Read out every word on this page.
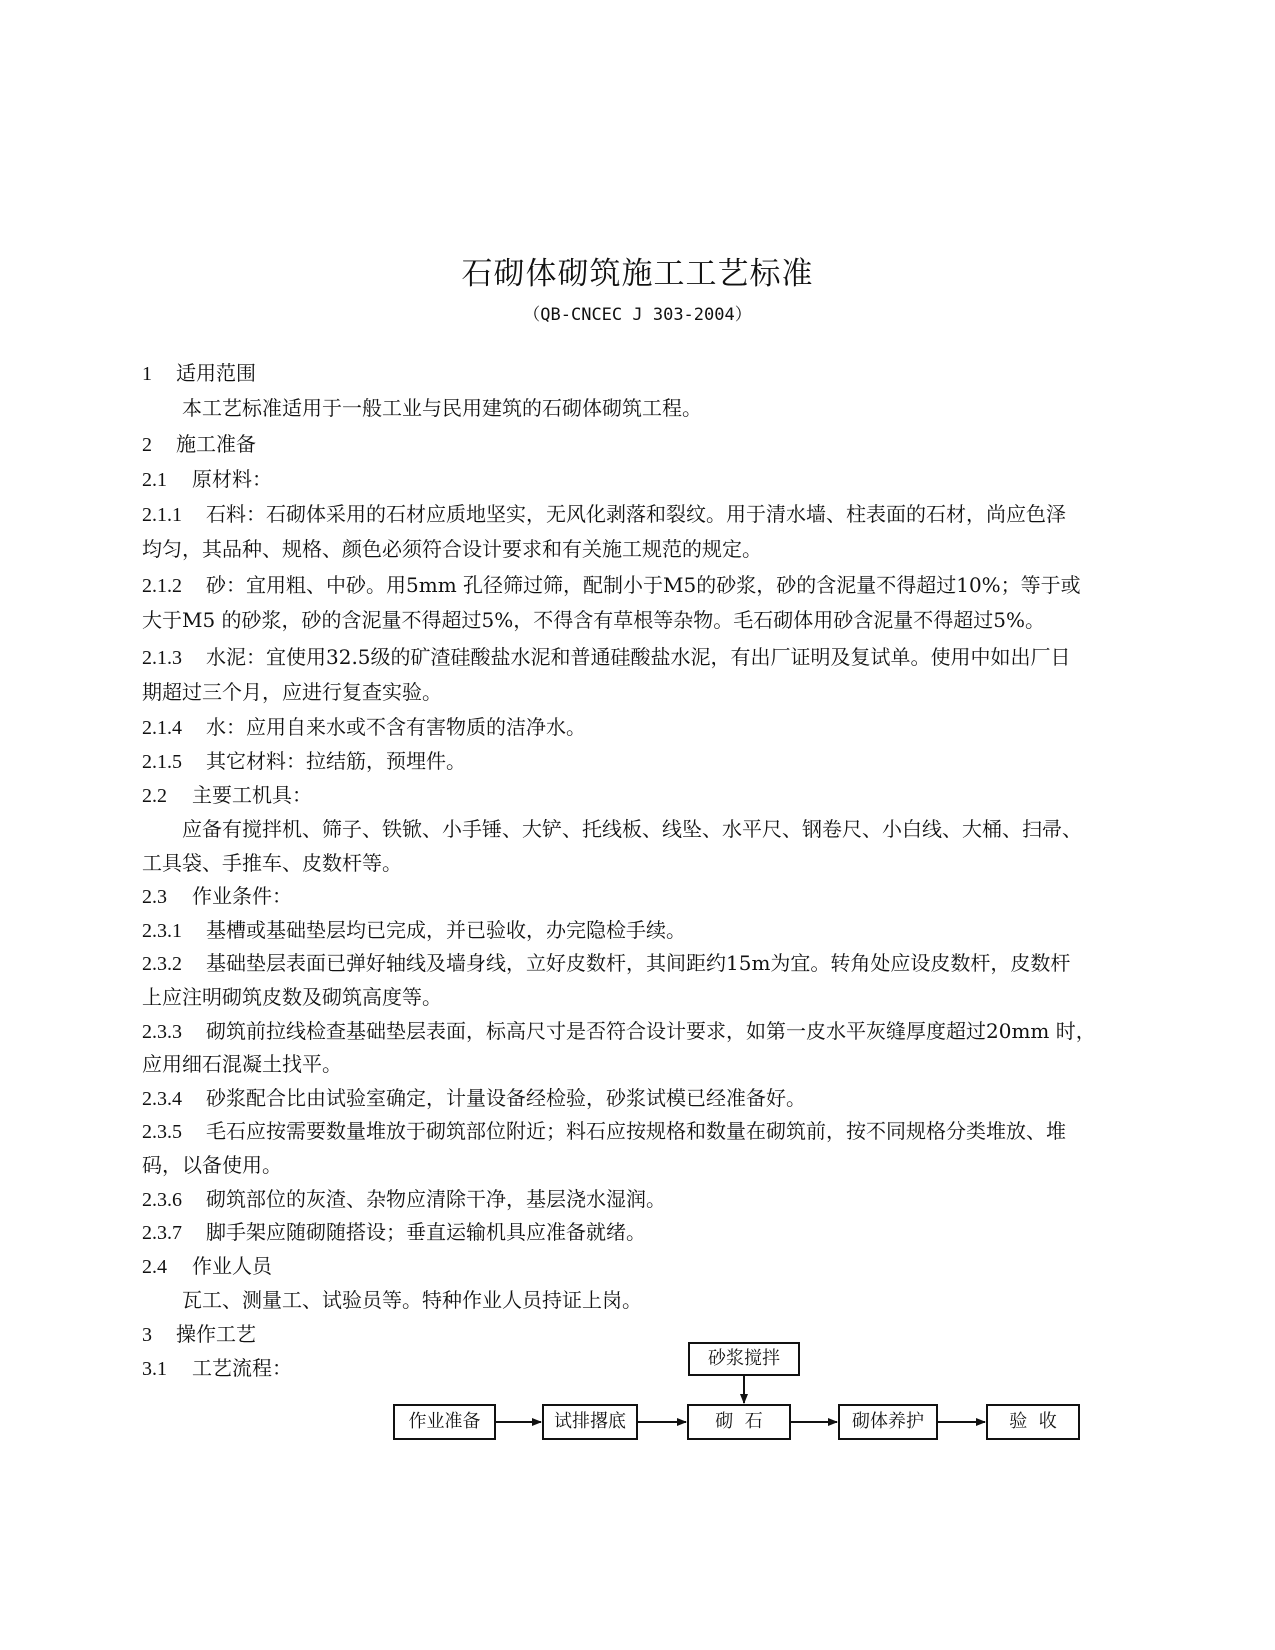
石砌体砌筑施工工艺标准
（QB-CNCEC J 303-2004）
1 适用范围
本工艺标准适用于一般工业与民用建筑的石砌体砌筑工程。
2 施工准备
2.1 原材料：
2.1.1 石料：石砌体采用的石材应质地坚实，无风化剥落和裂纹。用于清水墙、柱表面的石材，尚应色泽
均匀，其品种、规格、颜色必须符合设计要求和有关施工规范的规定。
2.1.2 砂：宜用粗、中砂。用5mm 孔径筛过筛，配制小于M5的砂浆，砂的含泥量不得超过10%；等于或
大于M5 的砂浆，砂的含泥量不得超过5%，不得含有草根等杂物。毛石砌体用砂含泥量不得超过5%。
2.1.3 水泥：宜使用32.5级的矿渣硅酸盐水泥和普通硅酸盐水泥，有出厂证明及复试单。使用中如出厂日
期超过三个月，应进行复查实验。
2.1.4 水：应用自来水或不含有害物质的洁净水。
2.1.5 其它材料：拉结筋，预埋件。
2.2 主要工机具：
应备有搅拌机、筛子、铁锨、小手锤、大铲、托线板、线坠、水平尺、钢卷尺、小白线、大桶、扫帚、
工具袋、手推车、皮数杆等。
2.3 作业条件：
2.3.1 基槽或基础垫层均已完成，并已验收，办完隐检手续。
2.3.2 基础垫层表面已弹好轴线及墙身线，立好皮数杆，其间距约15m为宜。转角处应设皮数杆，皮数杆
上应注明砌筑皮数及砌筑高度等。
2.3.3 砌筑前拉线检查基础垫层表面，标高尺寸是否符合设计要求，如第一皮水平灰缝厚度超过20mm 时，
应用细石混凝土找平。
2.3.4 砂浆配合比由试验室确定，计量设备经检验，砂浆试模已经准备好。
2.3.5 毛石应按需要数量堆放于砌筑部位附近；料石应按规格和数量在砌筑前，按不同规格分类堆放、堆
码，以备使用。
2.3.6 砌筑部位的灰渣、杂物应清除干净，基层浇水湿润。
2.3.7 脚手架应随砌随搭设；垂直运输机具应准备就绪。
2.4 作业人员
瓦工、测量工、试验员等。特种作业人员持证上岗。
3 操作工艺
3.1 工艺流程：	砂浆搅拌
作业准备	试排撂底	砌  石	砌体养护	验  收
